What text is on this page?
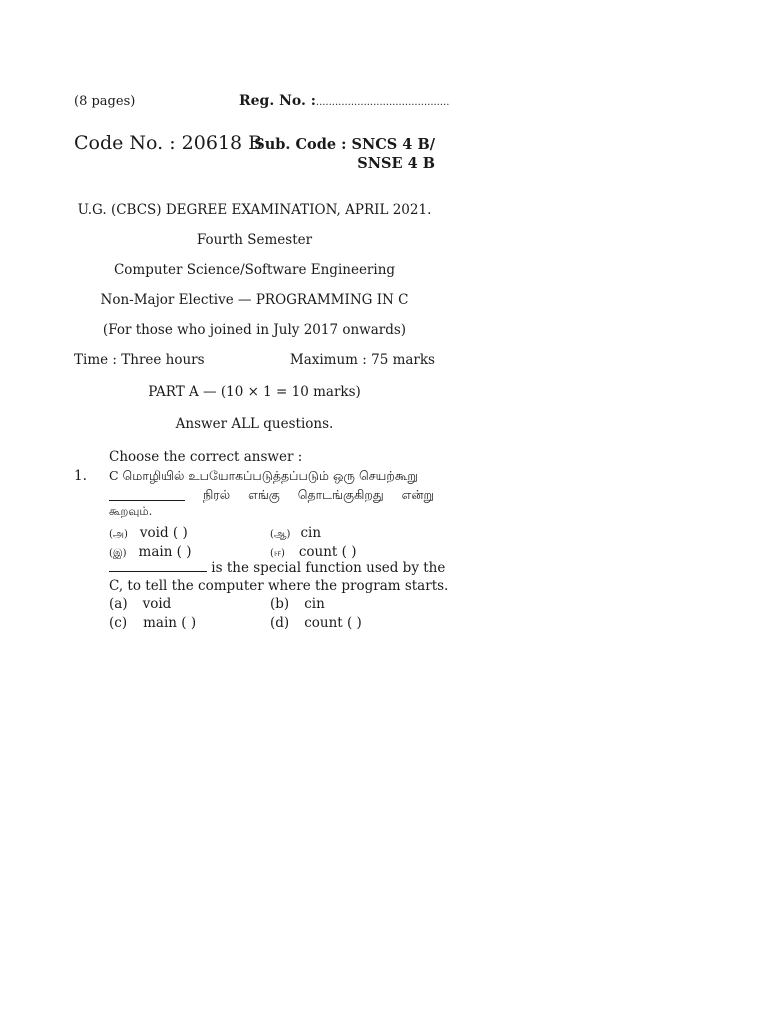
(8 pages)	Reg. No. :..........................................
Code No. : 20618 B
Sub. Code : SNCS 4 B/
SNSE 4 B
U.G. (CBCS) DEGREE EXAMINATION, APRIL 2021.
Fourth Semester
Computer Science/Software Engineering
Non-Major Elective — PROGRAMMING IN C
(For those who joined in July 2017 onwards)
Time : Three hours	Maximum : 75 marks
PART A — (10 × 1 = 10 marks)
Answer ALL questions.
Choose the correct answer :
1. C மொழியில் உபயோகப்படுத்தப்படும் ஒரு செயற்கூறு
நிரல் எங்கு தொடங்குகிறது என்று
கூறவும்.
(அ) void ( )	(ஆ) cin
(இ) main ( )	(ஈ) count ( )
is the special function used by the
C, to tell the computer where the program starts.
(a) void	(b) cin
(c) main ( )	(d) count ( )
